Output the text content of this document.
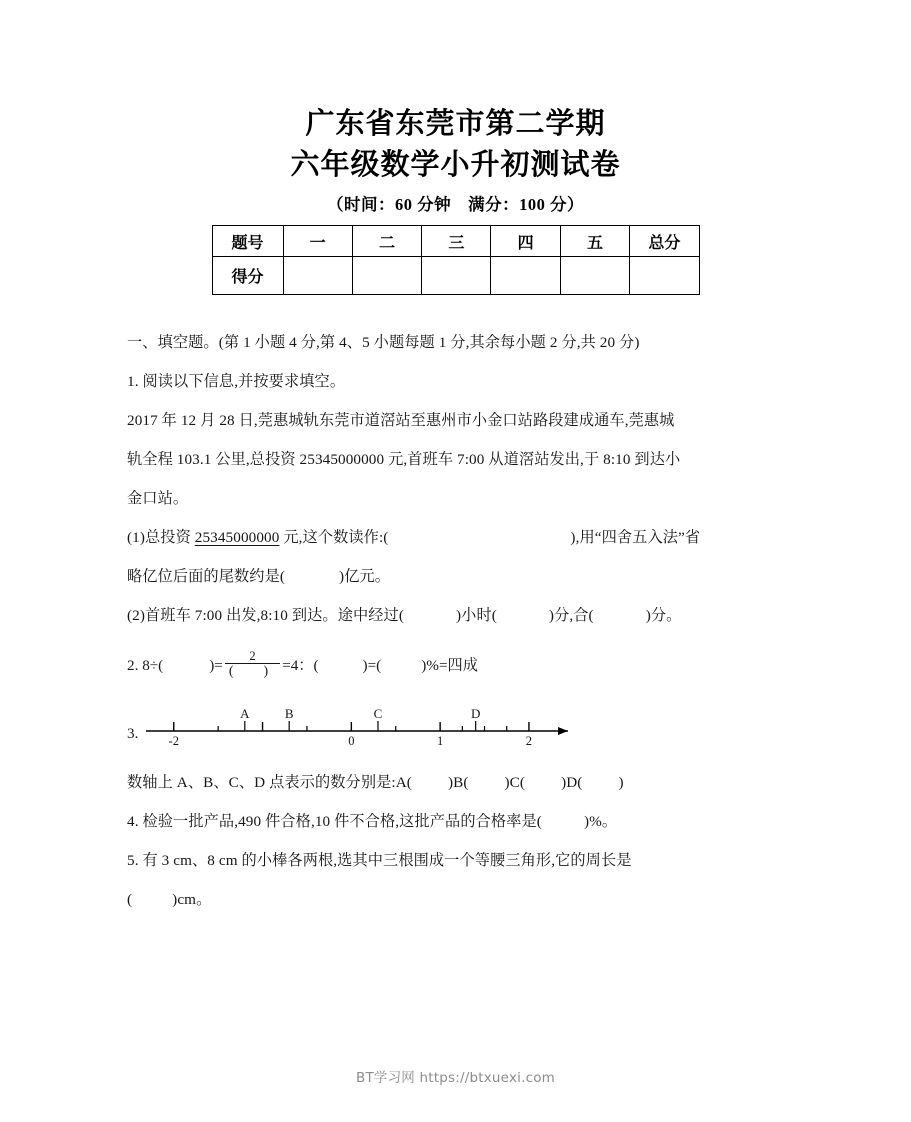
广东省东莞市第二学期
六年级数学小升初测试卷
（时间：60 分钟　满分：100 分）
题号	一	二	三	四	五	总分
得分						
一、填空题。(第 1 小题 4 分,第 4、5 小题每题 1 分,其余每小题 2 分,共 20 分)
1. 阅读以下信息,并按要求填空。
2017 年 12 月 28 日,莞惠城轨东莞市道滘站至惠州市小金口站路段建成通车,莞惠城
轨全程 103.1 公里,总投资 25345000000 元,首班车 7:00 从道滘站发出,于 8:10 到达小
金口站。
(1)总投资 25345000000 元,这个数读作:(	),用“四舍五入法”省
略亿位后面的尾数约是(	)亿元。
(2)首班车 7:00 出发,8:10 到达。途中经过(	)小时(	)分,合(	)分。
2. 8÷(	)= $\frac{2}{( )} =4$：(	)=(	)%=四成
3.	-2	0	1	2
A	B	C	D
数轴上 A、B、C、D 点表示的数分别是:A( )B( )C( )D( )
4. 检验一批产品,490 件合格,10 件不合格,这批产品的合格率是(	)%。
5. 有 3 cm、8 cm 的小棒各两根,选其中三根围成一个等腰三角形,它的周长是
(	)cm。
BT学习网 https://btxuexi.com
